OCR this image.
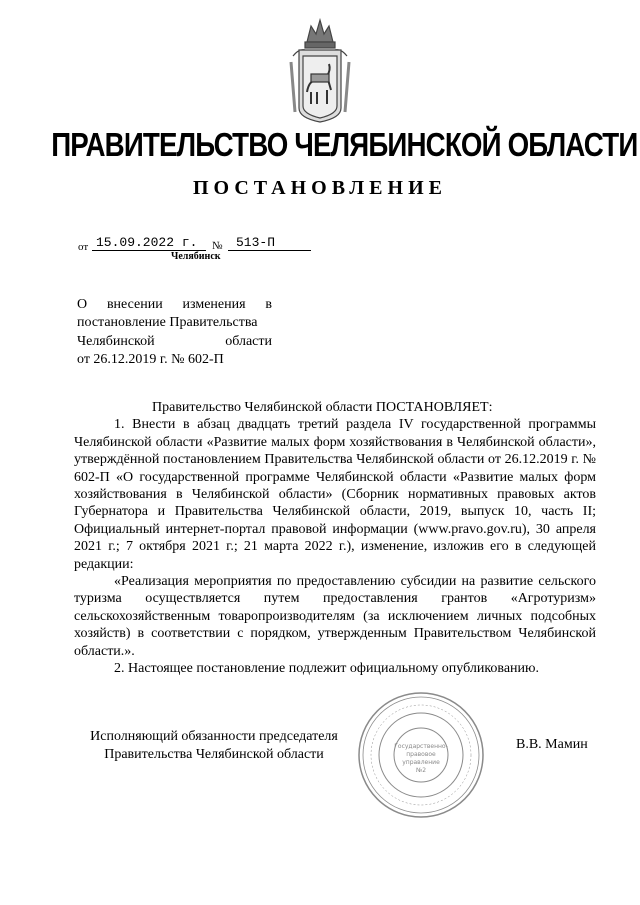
ПРАВИТЕЛЬСТВО ЧЕЛЯБИНСКОЙ ОБЛАСТИ
ПОСТАНОВЛЕНИЕ
от 15.09.2022 г.	№	513-П
Челябинск
О внесении изменения в
постановление Правительства
Челябинской области
от 26.12.2019 г. № 602-П

Правительство Челябинской области ПОСТАНОВЛЯЕТ:

1. Внести в абзац двадцать третий раздела IV государственной программы Челябинской области «Развитие малых форм хозяйствования в Челябинской области», утверждённой постановлением Правительства Челябинской области от 26.12.2019 г. № 602-П «О государственной программе Челябинской области «Развитие малых форм хозяйствования в Челябинской области» (Сборник нормативных правовых актов Губернатора и Правительства Челябинской области, 2019, выпуск 10, часть II; Официальный интернет-портал правовой информации (www.pravo.gov.ru), 30 апреля 2021 г.; 7 октября 2021 г.; 21 марта 2022 г.), изменение, изложив его в следующей редакции:

«Реализация мероприятия по предоставлению субсидии на развитие сельского туризма осуществляется путем предоставления грантов «Агротуризм» сельскохозяйственным товаропроизводителям (за исключением личных подсобных хозяйств) в соответствии с порядком, утвержденным Правительством Челябинской области.».

2. Настоящее постановление подлежит официальному опубликованию.

Государственно-
правовое
управление
№2
Исполняющий обязанности председателя
Правительства Челябинской области
В.В. Мамин
